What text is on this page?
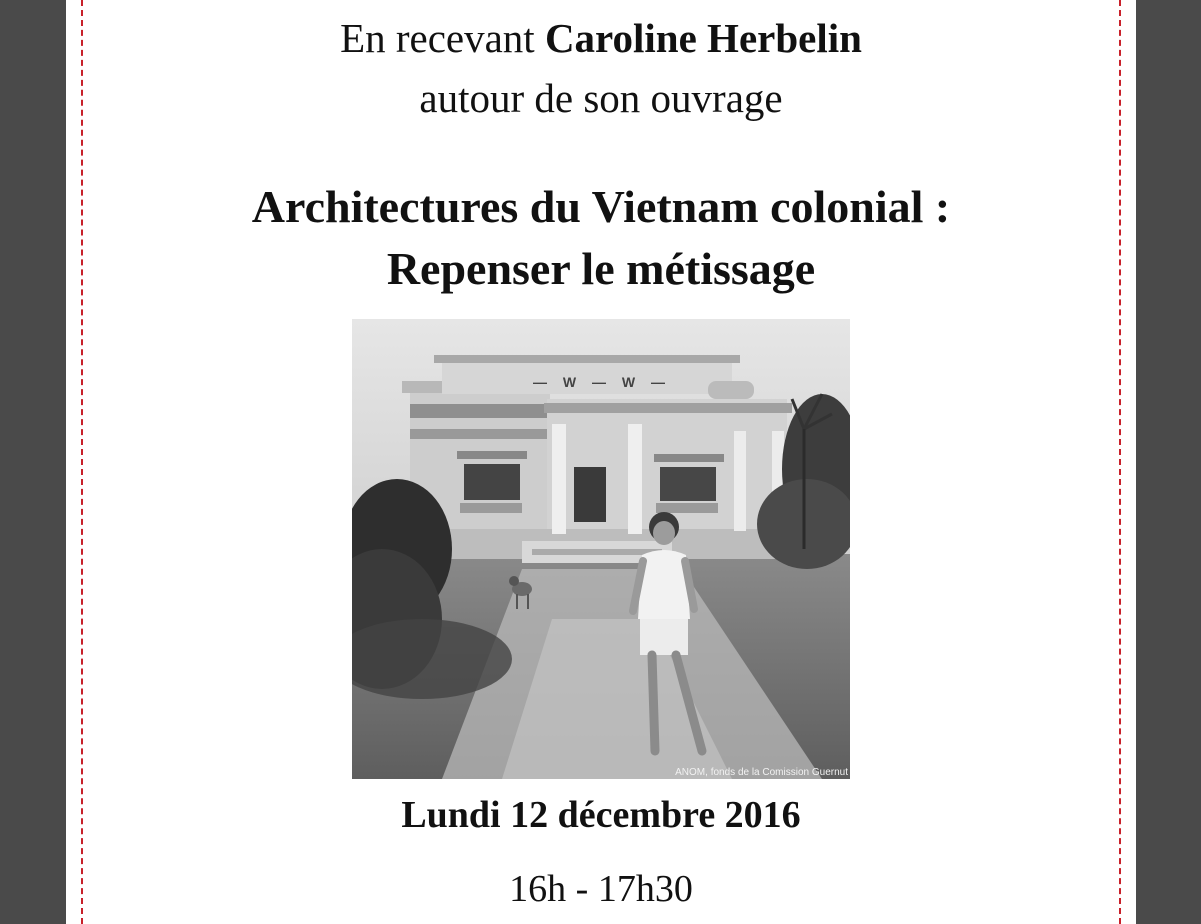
En recevant Caroline Herbelin
autour de son ouvrage
Architectures du Vietnam colonial :
Repenser le métissage
— W — W —
ANOM, fonds de la Comission Guernut
Lundi 12 décembre 2016
16h - 17h30
